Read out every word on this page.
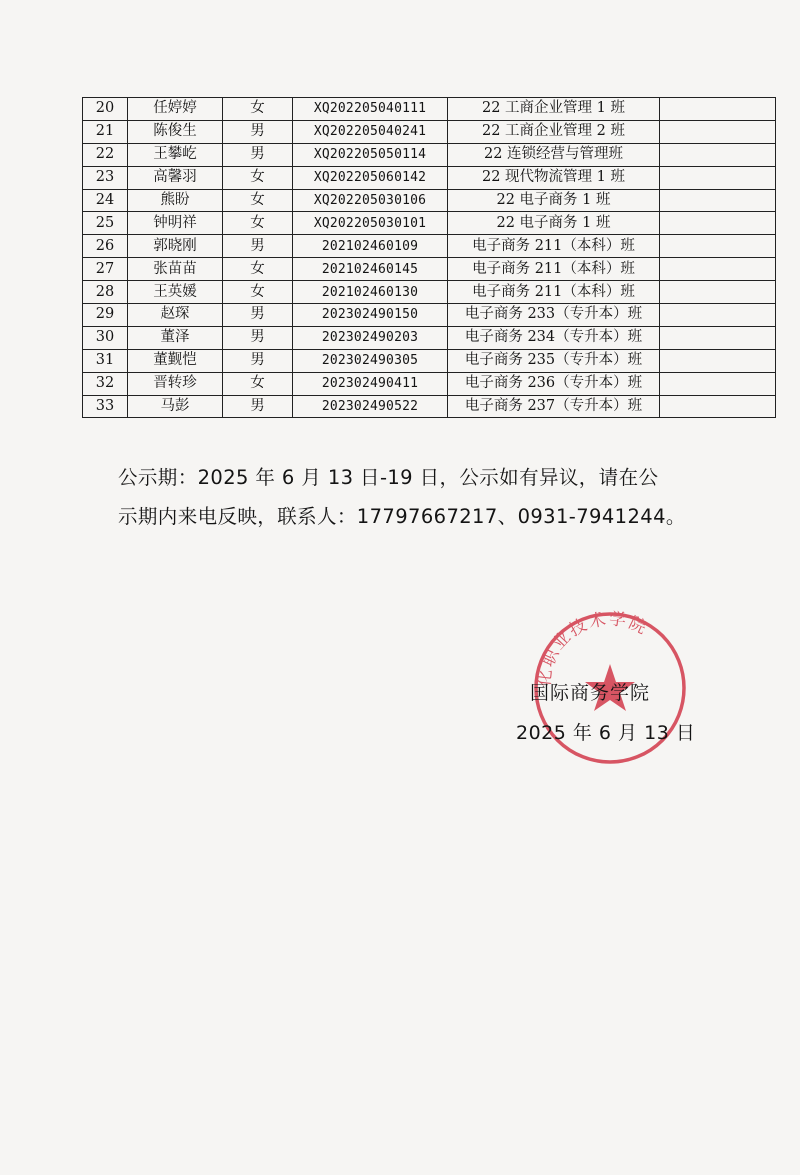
20	任婷婷	女	XQ202205040111	22 工商企业管理 1 班	
21	陈俊生	男	XQ202205040241	22 工商企业管理 2 班	
22	王攀屹	男	XQ202205050114	22 连锁经营与管理班	
23	高馨羽	女	XQ202205060142	22 现代物流管理 1 班	
24	熊盼	女	XQ202205030106	22 电子商务 1 班	
25	钟明祥	女	XQ202205030101	22 电子商务 1 班	
26	郭晓刚	男	202102460109	电子商务 211（本科）班	
27	张苗苗	女	202102460145	电子商务 211（本科）班	
28	王英媛	女	202102460130	电子商务 211（本科）班	
29	赵琛	男	202302490150	电子商务 233（专升本）班	
30	董泽	男	202302490203	电子商务 234（专升本）班	
31	董觐恺	男	202302490305	电子商务 235（专升本）班	
32	晋转珍	女	202302490411	电子商务 236（专升本）班	
33	马彭	男	202302490522	电子商务 237（专升本）班	
公示期：2025 年 6 月 13 日-19 日，公示如有异议，请在公
示期内来电反映，联系人：17797667217、0931-7941244。
化职业技术学院
国际商务学院
2025 年 6 月 13 日
